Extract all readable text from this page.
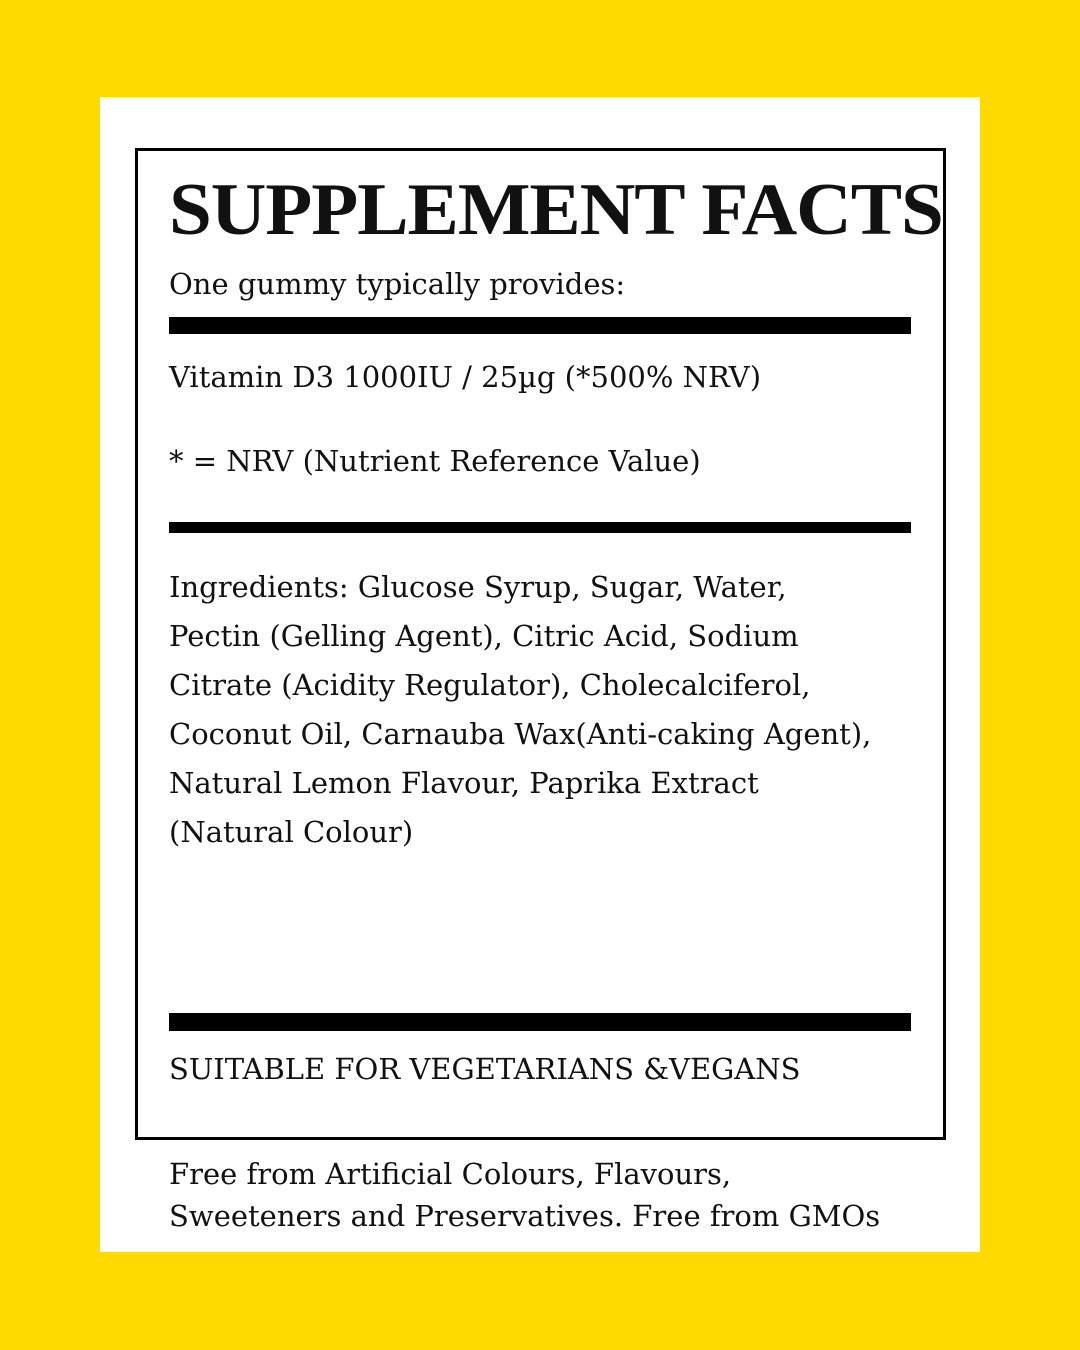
SUPPLEMENT FACTS
One gummy typically provides:
Vitamin D3 1000IU / 25µg (*500% NRV)
* = NRV (Nutrient Reference Value)
Ingredients: Glucose Syrup, Sugar, Water,
Pectin (Gelling Agent), Citric Acid, Sodium
Citrate (Acidity Regulator), Cholecalciferol,
Coconut Oil, Carnauba Wax(Anti-caking Agent),
Natural Lemon Flavour, Paprika Extract
(Natural Colour)
SUITABLE FOR VEGETARIANS &VEGANS
Free from Artificial Colours, Flavours,
Sweeteners and Preservatives. Free from GMOs
